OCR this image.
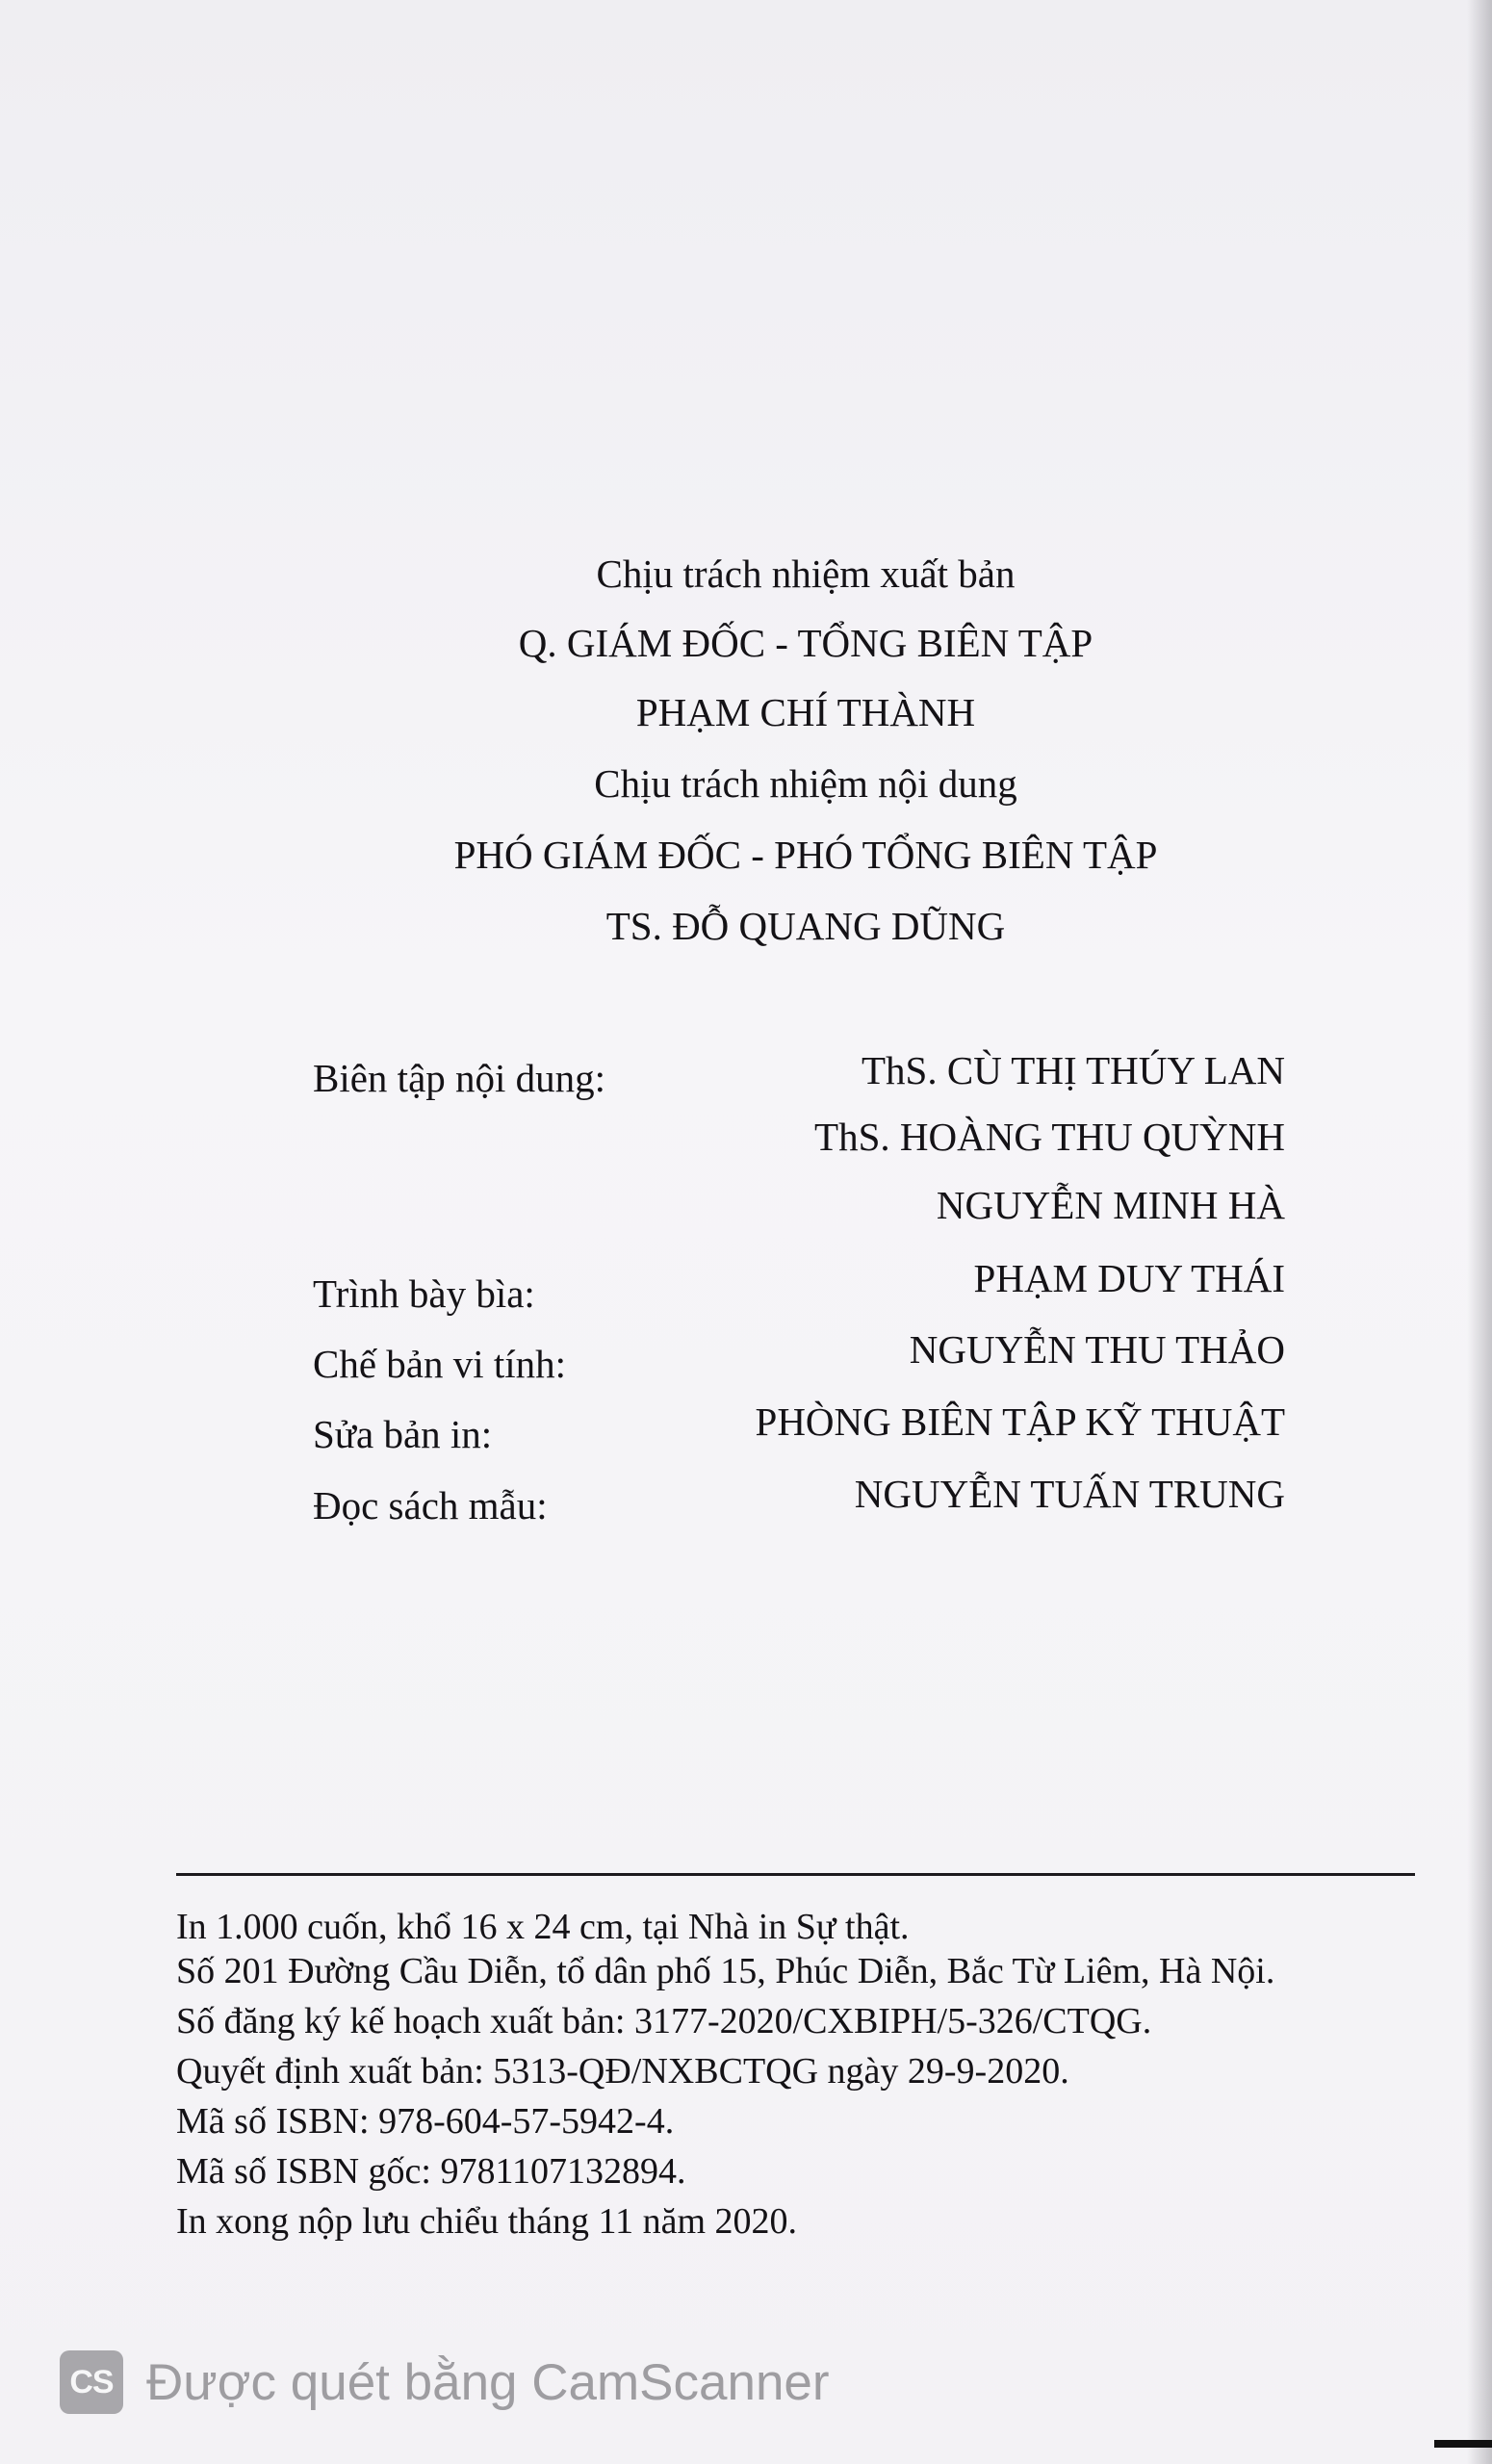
Chịu trách nhiệm xuất bản
Q. GIÁM ĐỐC - TỔNG BIÊN TẬP
PHẠM CHÍ THÀNH
Chịu trách nhiệm nội dung
PHÓ GIÁM ĐỐC - PHÓ TỔNG BIÊN TẬP
TS. ĐỖ QUANG DŨNG
Biên tập nội dung:	ThS. CÙ THỊ THÚY LAN
ThS. HOÀNG THU QUỲNH
NGUYỄN MINH HÀ
Trình bày bìa:	PHẠM DUY THÁI
Chế bản vi tính:	NGUYỄN THU THẢO
Sửa bản in:	PHÒNG BIÊN TẬP KỸ THUẬT
Đọc sách mẫu:	NGUYỄN TUẤN TRUNG
In 1.000 cuốn, khổ 16 x 24 cm, tại Nhà in Sự thật.
Số 201 Đường Cầu Diễn, tổ dân phố 15, Phúc Diễn, Bắc Từ Liêm, Hà Nội.
Số đăng ký kế hoạch xuất bản: 3177-2020/CXBIPH/5-326/CTQG.
Quyết định xuất bản: 5313-QĐ/NXBCTQG ngày 29-9-2020.
Mã số ISBN: 978-604-57-5942-4.
Mã số ISBN gốc: 9781107132894.
In xong nộp lưu chiểu tháng 11 năm 2020.
CS Được quét bằng CamScanner
